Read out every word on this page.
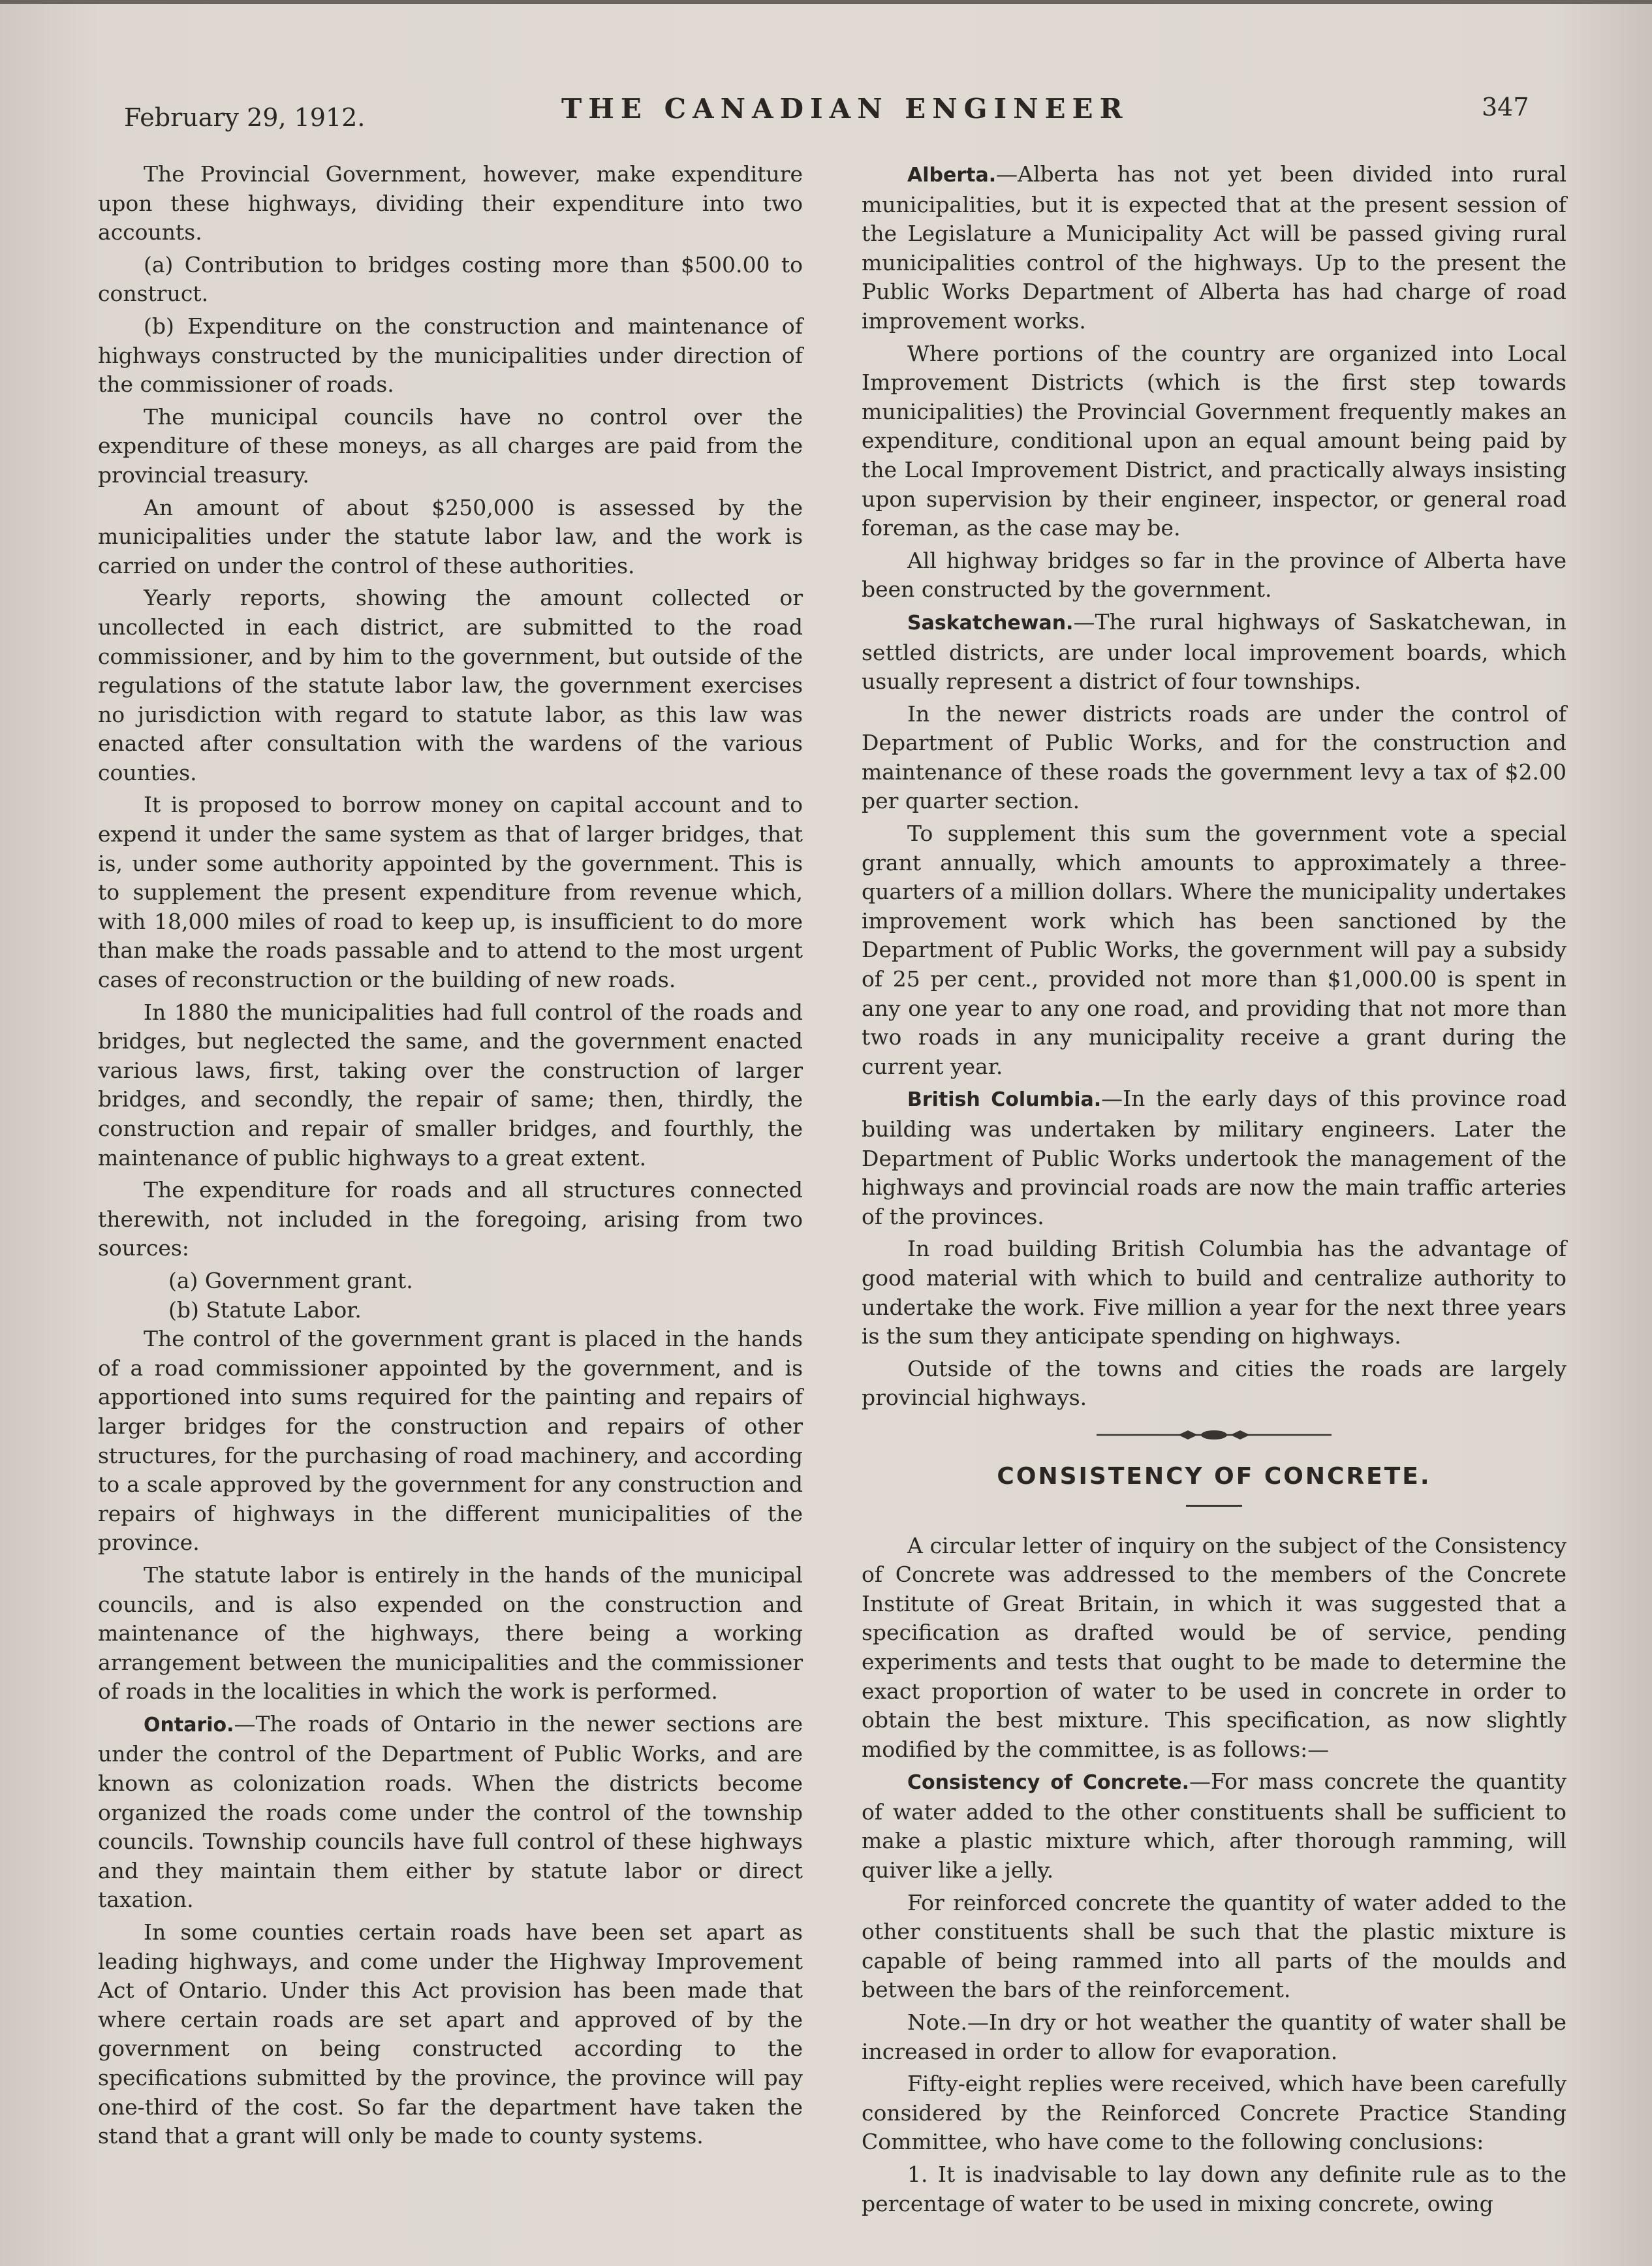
February 29, 1912.	THE CANADIAN ENGINEER	347

The Provincial Government, however, make expenditure upon these highways, dividing their expenditure into two accounts.

(a) Contribution to bridges costing more than $500.00 to construct.

(b) Expenditure on the construction and maintenance of highways constructed by the municipalities under direction of the commissioner of roads.

The municipal councils have no control over the expenditure of these moneys, as all charges are paid from the provincial treasury.

An amount of about $250,000 is assessed by the municipalities under the statute labor law, and the work is carried on under the control of these authorities.

Yearly reports, showing the amount collected or uncollected in each district, are submitted to the road commissioner, and by him to the government, but outside of the regulations of the statute labor law, the government exercises no jurisdiction with regard to statute labor, as this law was enacted after consultation with the wardens of the various counties.

It is proposed to borrow money on capital account and to expend it under the same system as that of larger bridges, that is, under some authority appointed by the government. This is to supplement the present expenditure from revenue which, with 18,000 miles of road to keep up, is insufficient to do more than make the roads passable and to attend to the most urgent cases of reconstruction or the building of new roads.

In 1880 the municipalities had full control of the roads and bridges, but neglected the same, and the government enacted various laws, first, taking over the construction of larger bridges, and secondly, the repair of same; then, thirdly, the construction and repair of smaller bridges, and fourthly, the maintenance of public highways to a great extent.

The expenditure for roads and all structures connected therewith, not included in the foregoing, arising from two sources:

(a) Government grant.

(b) Statute Labor.

The control of the government grant is placed in the hands of a road commissioner appointed by the government, and is apportioned into sums required for the painting and repairs of larger bridges for the construction and repairs of other structures, for the purchasing of road machinery, and according to a scale approved by the government for any construction and repairs of highways in the different municipalities of the province.

The statute labor is entirely in the hands of the municipal councils, and is also expended on the construction and maintenance of the highways, there being a working arrangement between the municipalities and the commissioner of roads in the localities in which the work is performed.

Ontario.—The roads of Ontario in the newer sections are under the control of the Department of Public Works, and are known as colonization roads. When the districts become organized the roads come under the control of the township councils. Township councils have full control of these highways and they maintain them either by statute labor or direct taxation.

In some counties certain roads have been set apart as leading highways, and come under the Highway Improvement Act of Ontario. Under this Act provision has been made that where certain roads are set apart and approved of by the government on being constructed according to the specifications submitted by the province, the province will pay one-third of the cost. So far the department have taken the stand that a grant will only be made to county systems.

Alberta.—Alberta has not yet been divided into rural municipalities, but it is expected that at the present session of the Legislature a Municipality Act will be passed giving rural municipalities control of the highways. Up to the present the Public Works Department of Alberta has had charge of road improvement works.

Where portions of the country are organized into Local Improvement Districts (which is the first step towards municipalities) the Provincial Government frequently makes an expenditure, conditional upon an equal amount being paid by the Local Improvement District, and practically always insisting upon supervision by their engineer, inspector, or general road foreman, as the case may be.

All highway bridges so far in the province of Alberta have been constructed by the government.

Saskatchewan.—The rural highways of Saskatchewan, in settled districts, are under local improvement boards, which usually represent a district of four townships.

In the newer districts roads are under the control of Department of Public Works, and for the construction and maintenance of these roads the government levy a tax of $2.00 per quarter section.

To supplement this sum the government vote a special grant annually, which amounts to approximately a three-quarters of a million dollars. Where the municipality undertakes improvement work which has been sanctioned by the Department of Public Works, the government will pay a subsidy of 25 per cent., provided not more than $1,000.00 is spent in any one year to any one road, and providing that not more than two roads in any municipality receive a grant during the current year.

British Columbia.—In the early days of this province road building was undertaken by military engineers. Later the Department of Public Works undertook the management of the highways and provincial roads are now the main traffic arteries of the provinces.

In road building British Columbia has the advantage of good material with which to build and centralize authority to undertake the work. Five million a year for the next three years is the sum they anticipate spending on highways.

Outside of the towns and cities the roads are largely provincial highways.

CONSISTENCY OF CONCRETE.

A circular letter of inquiry on the subject of the Consistency of Concrete was addressed to the members of the Concrete Institute of Great Britain, in which it was suggested that a specification as drafted would be of service, pending experiments and tests that ought to be made to determine the exact proportion of water to be used in concrete in order to obtain the best mixture. This specification, as now slightly modified by the committee, is as follows:—

Consistency of Concrete.—For mass concrete the quantity of water added to the other constituents shall be sufficient to make a plastic mixture which, after thorough ramming, will quiver like a jelly.

For reinforced concrete the quantity of water added to the other constituents shall be such that the plastic mixture is capable of being rammed into all parts of the moulds and between the bars of the reinforcement.

Note.—In dry or hot weather the quantity of water shall be increased in order to allow for evaporation.

Fifty-eight replies were received, which have been carefully considered by the Reinforced Concrete Practice Standing Committee, who have come to the following conclusions:

1. It is inadvisable to lay down any definite rule as to the percentage of water to be used in mixing concrete, owing
